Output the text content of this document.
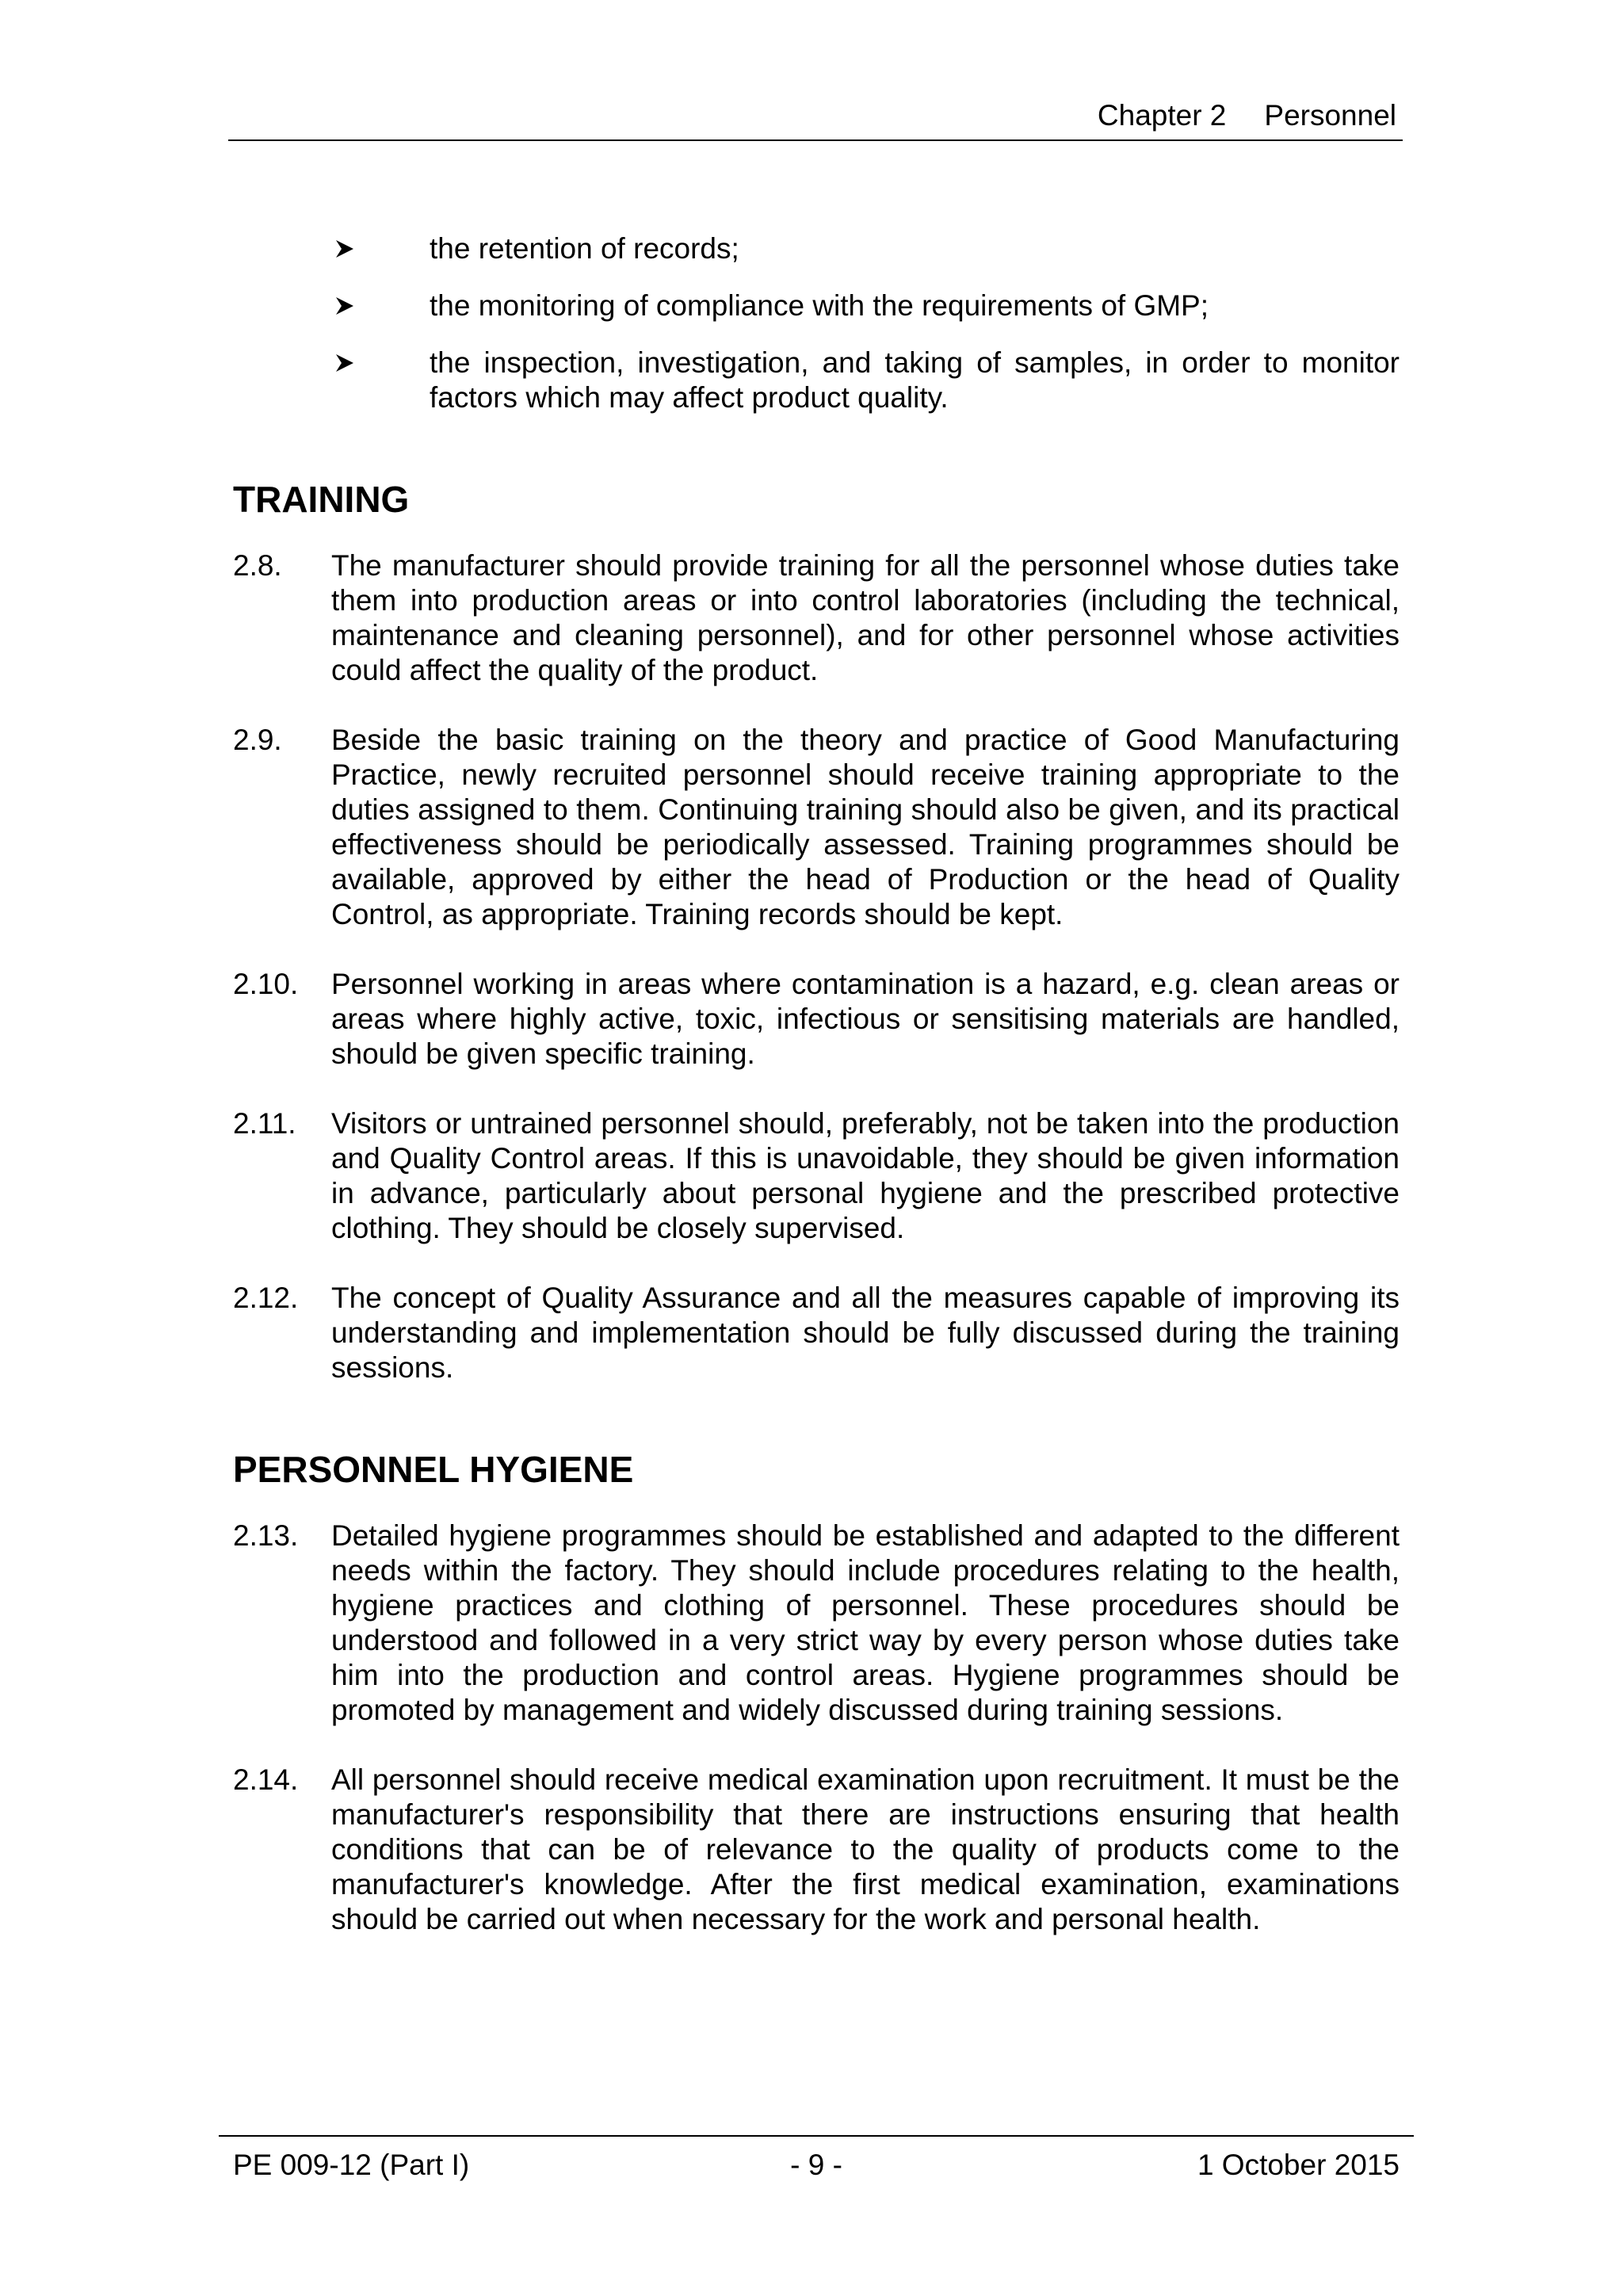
Chapter 2 Personnel
the retention of records;
the monitoring of compliance with the requirements of GMP;
the inspection, investigation, and taking of samples, in order to monitor factors which may affect product quality.
TRAINING
2.8. The manufacturer should provide training for all the personnel whose duties take them into production areas or into control laboratories (including the technical, maintenance and cleaning personnel), and for other personnel whose activities could affect the quality of the product.
2.9. Beside the basic training on the theory and practice of Good Manufacturing Practice, newly recruited personnel should receive training appropriate to the duties assigned to them. Continuing training should also be given, and its practical effectiveness should be periodically assessed. Training programmes should be available, approved by either the head of Production or the head of Quality Control, as appropriate. Training records should be kept.
2.10. Personnel working in areas where contamination is a hazard, e.g. clean areas or areas where highly active, toxic, infectious or sensitising materials are handled, should be given specific training.
2.11. Visitors or untrained personnel should, preferably, not be taken into the production and Quality Control areas. If this is unavoidable, they should be given information in advance, particularly about personal hygiene and the prescribed protective clothing. They should be closely supervised.
2.12. The concept of Quality Assurance and all the measures capable of improving its understanding and implementation should be fully discussed during the training sessions.
PERSONNEL HYGIENE
2.13. Detailed hygiene programmes should be established and adapted to the different needs within the factory. They should include procedures relating to the health, hygiene practices and clothing of personnel. These procedures should be understood and followed in a very strict way by every person whose duties take him into the production and control areas. Hygiene programmes should be promoted by management and widely discussed during training sessions.
2.14. All personnel should receive medical examination upon recruitment. It must be the manufacturer's responsibility that there are instructions ensuring that health conditions that can be of relevance to the quality of products come to the manufacturer's knowledge. After the first medical examination, examinations should be carried out when necessary for the work and personal health.
PE 009-12 (Part I)	- 9 -	1 October 2015
